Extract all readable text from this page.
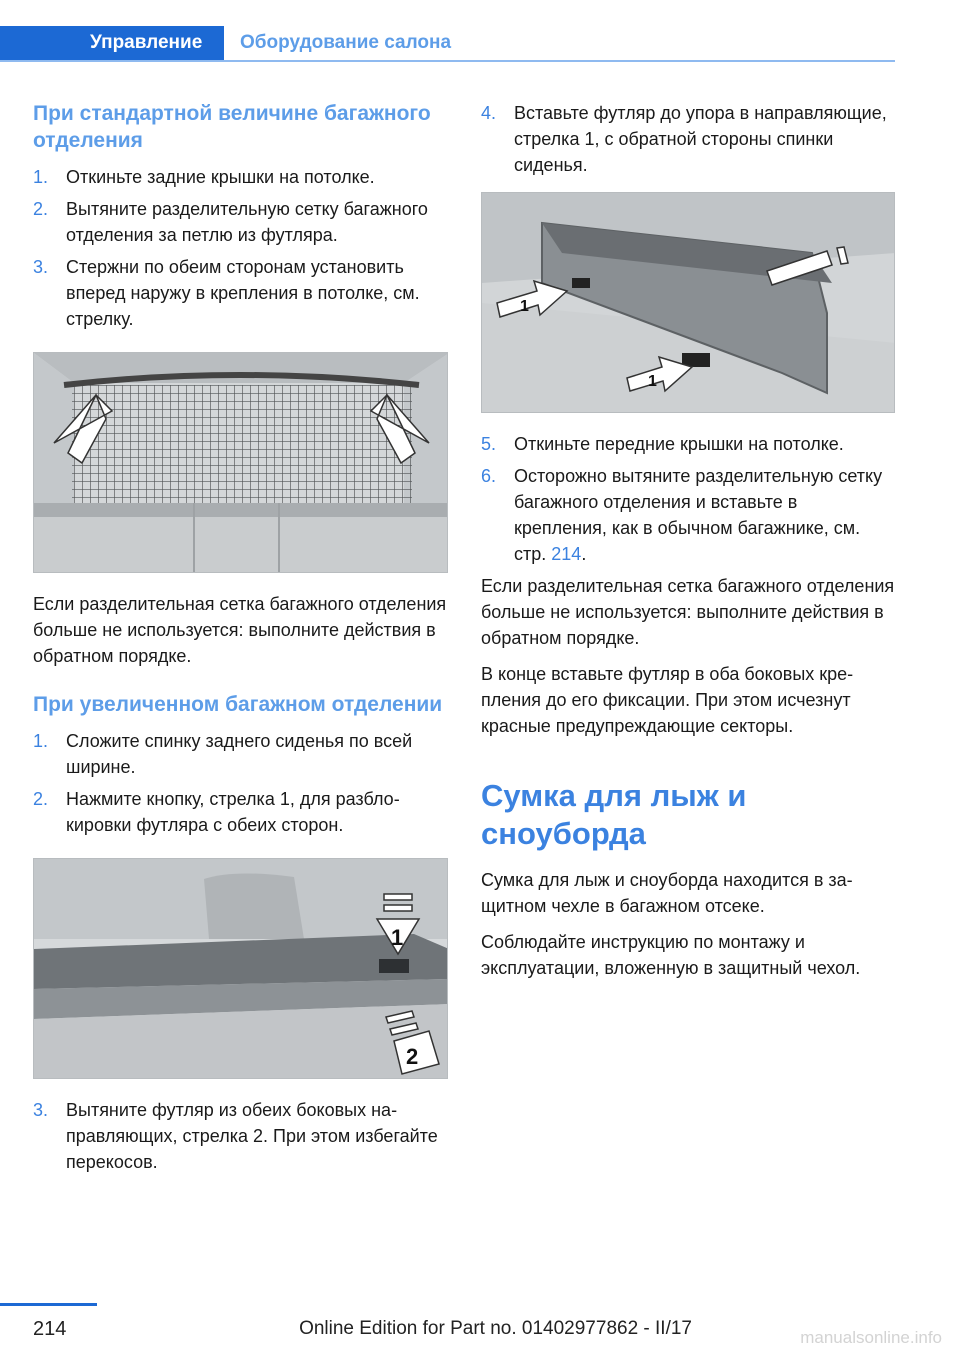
Управление	Оборудование салона
При стандартной величине багажного отделения
1. Откиньте задние крышки на потолке.
2. Вытяните разделительную сетку багажного отделения за петлю из футляра.
3. Стержни по обеим сторонам установить вперед наружу в крепления в потолке, см. стрелку.

Если разделительная сетка багажного отделения больше не используется: выполните действия в обратном порядке.

При увеличенном багажном отделении
1. Сложите спинку заднего сиденья по всей ширине.
2. Нажмите кнопку, стрелка 1, для разблокировки футляра с обеих сторон.
1
2
3. Вытяните футляр из обеих боковых направляющих, стрелка 2. При этом избегайте перекосов.
4. Вставьте футляр до упора в направляющие, стрелка 1, с обратной стороны спинки сиденья.
1
1
5. Откиньте передние крышки на потолке.
6. Осторожно вытяните разделительную сетку багажного отделения и вставьте в крепления, как в обычном багажнике, см. стр. 214.

Если разделительная сетка багажного отделения больше не используется: выполните действия в обратном порядке.

В конце вставьте футляр в оба боковых крепления до его фиксации. При этом исчезнут красные предупреждающие секторы.

Сумка для лыж и сноуборда

Сумка для лыж и сноуборда находится в защитном чехле в багажном отсеке.

Соблюдайте инструкцию по монтажу и эксплуатации, вложенную в защитный чехол.

214	Online Edition for Part no. 01402977862 - II/17	manualsonline.info
